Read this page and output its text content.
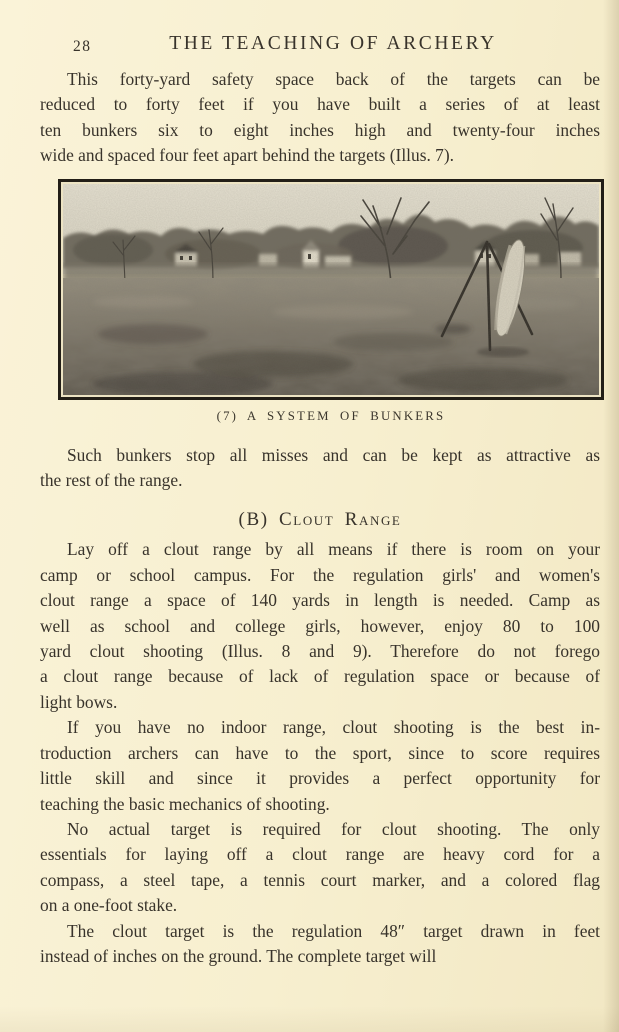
28	THE TEACHING OF ARCHERY
This forty-yard safety space back of the targets can be
reduced to forty feet if you have built a series of at least
ten bunkers six to eight inches high and twenty-four inches
wide and spaced four feet apart behind the targets (Illus. 7).
(7) A SYSTEM OF BUNKERS
Such bunkers stop all misses and can be kept as attractive as
the rest of the range.
(B) Clout Range
Lay off a clout range by all means if there is room on your
camp or school campus. For the regulation girls' and women's
clout range a space of 140 yards in length is needed. Camp as
well as school and college girls, however, enjoy 80 to 100
yard clout shooting (Illus. 8 and 9). Therefore do not forego
a clout range because of lack of regulation space or because of
light bows.
If you have no indoor range, clout shooting is the best in-
troduction archers can have to the sport, since to score requires
little skill and since it provides a perfect opportunity for
teaching the basic mechanics of shooting.
No actual target is required for clout shooting. The only
essentials for laying off a clout range are heavy cord for a
compass, a steel tape, a tennis court marker, and a colored flag
on a one-foot stake.
The clout target is the regulation 48″ target drawn in feet
instead of inches on the ground. The complete target will
